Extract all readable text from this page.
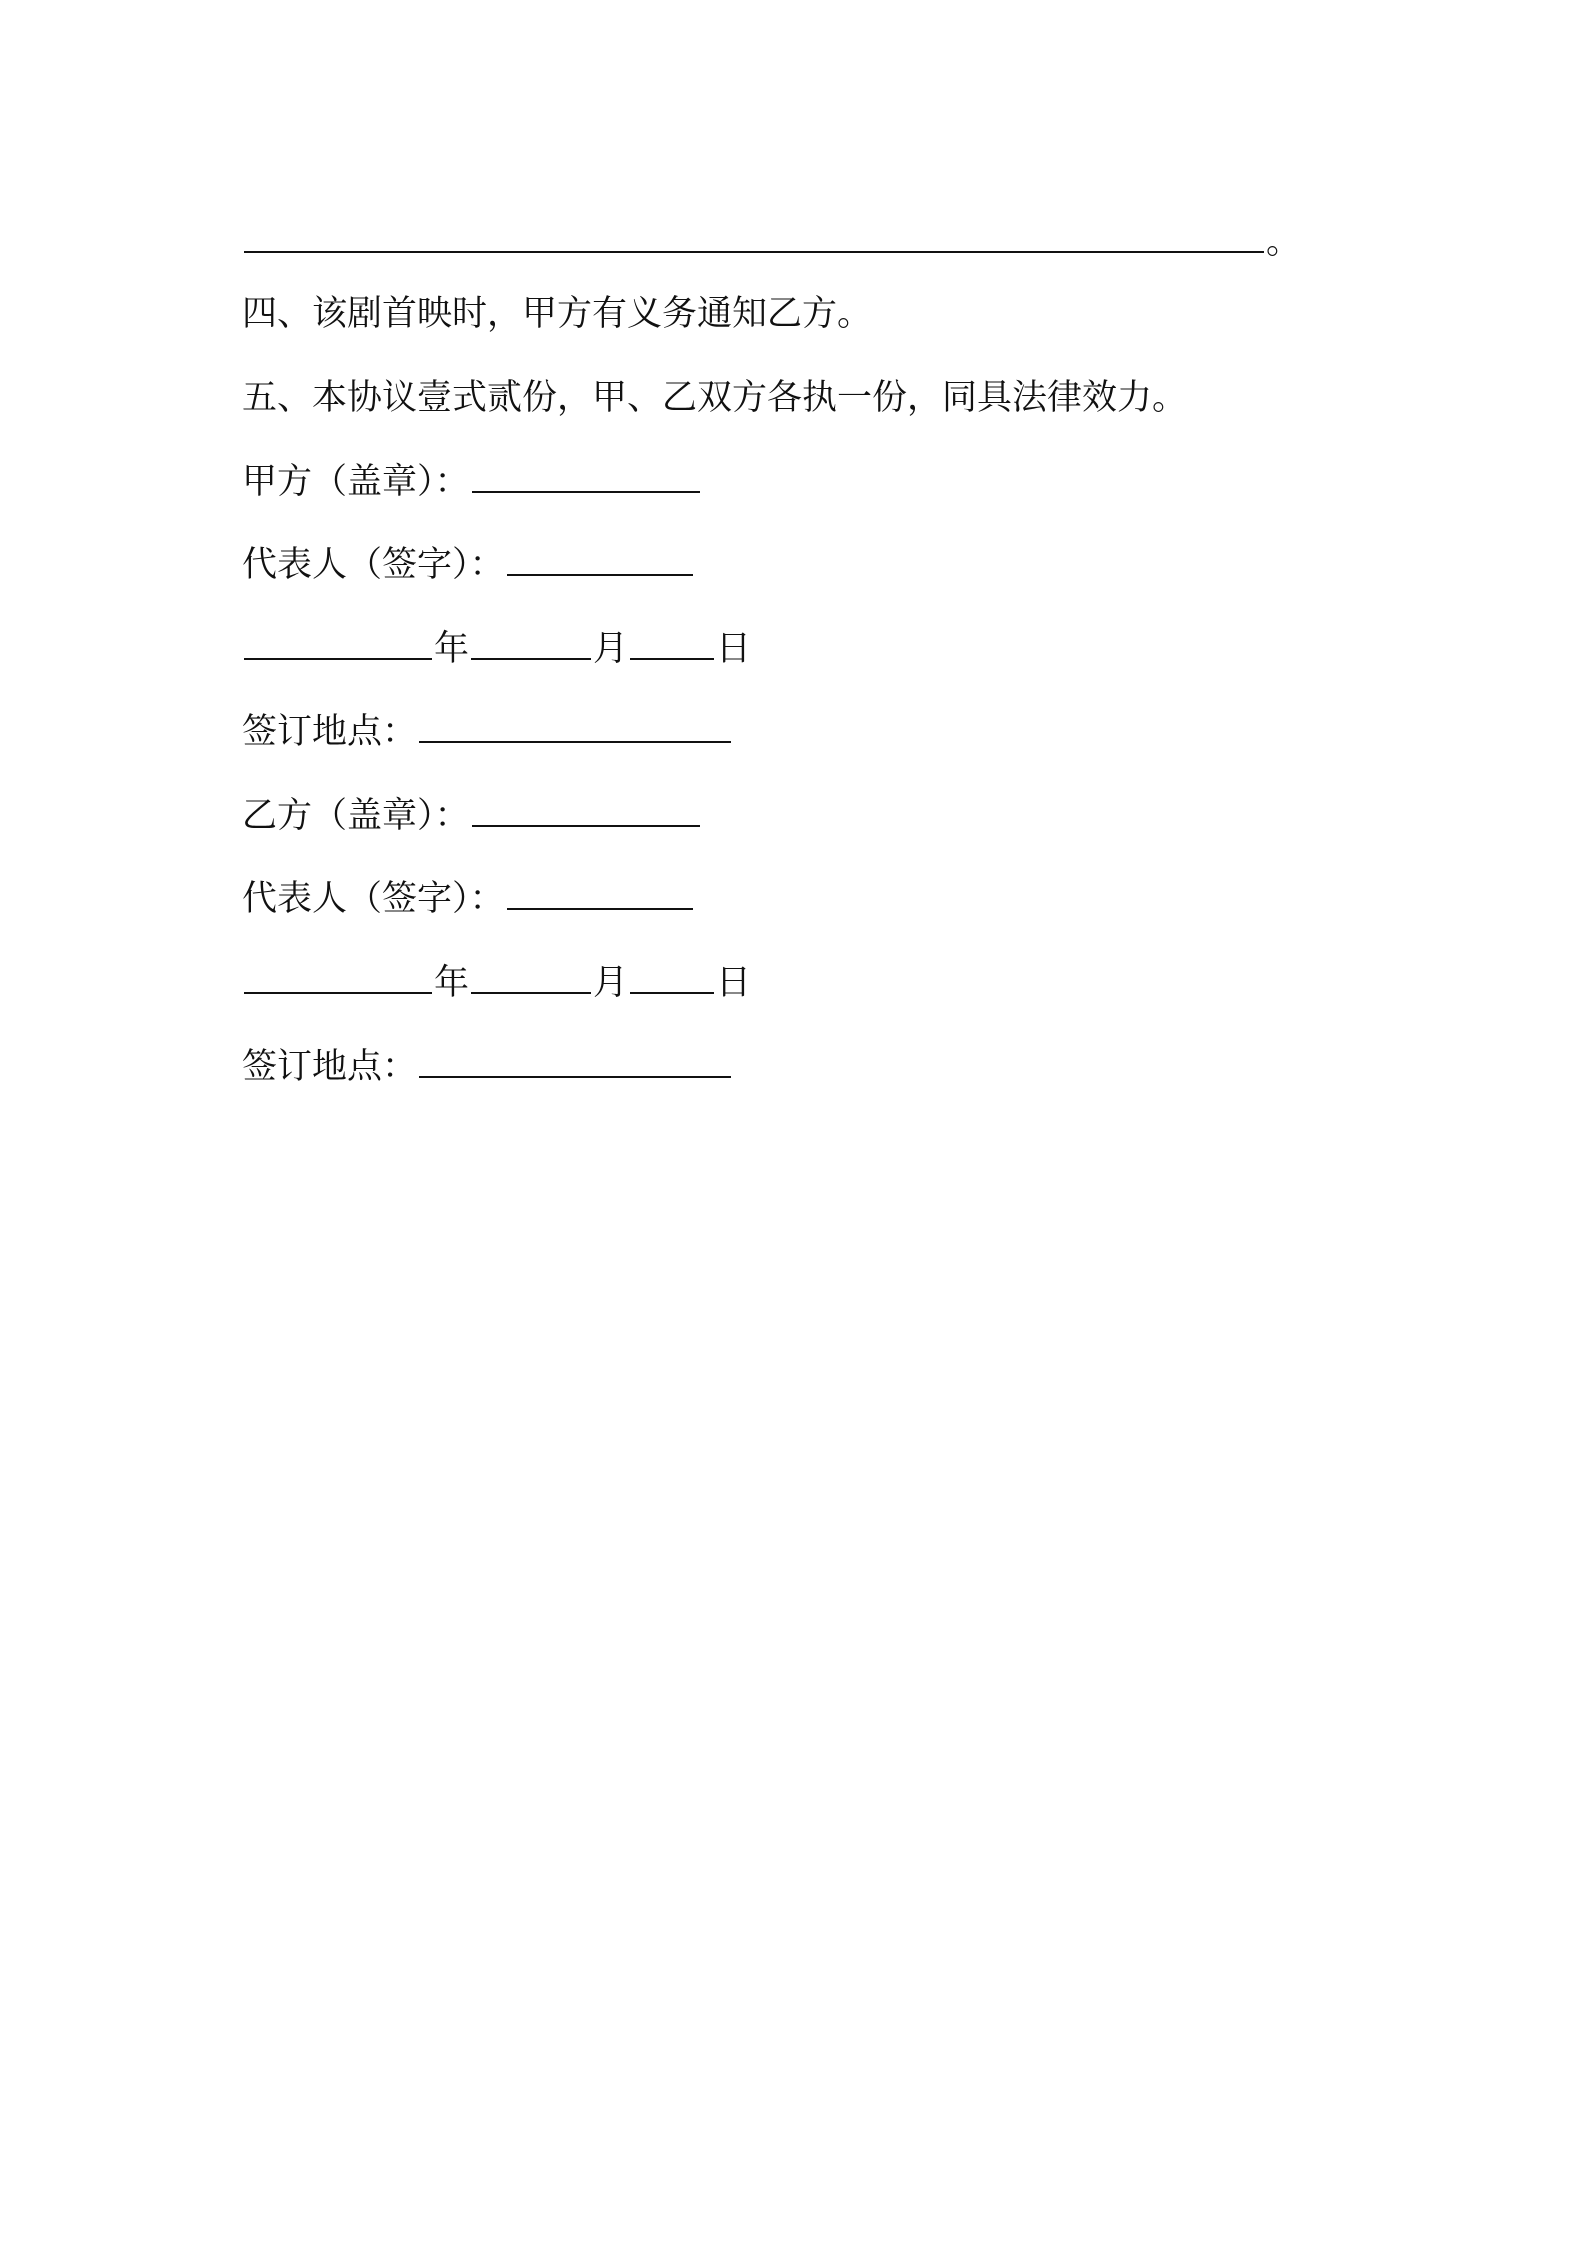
。
四、该剧首映时，甲方有义务通知乙方。
五、本协议壹式贰份，甲、乙双方各执一份，同具法律效力。
甲方（盖章）：
代表人（签字）：
年	月	日
签订地点：
乙方（盖章）：
代表人（签字）：
年	月	日
签订地点：
